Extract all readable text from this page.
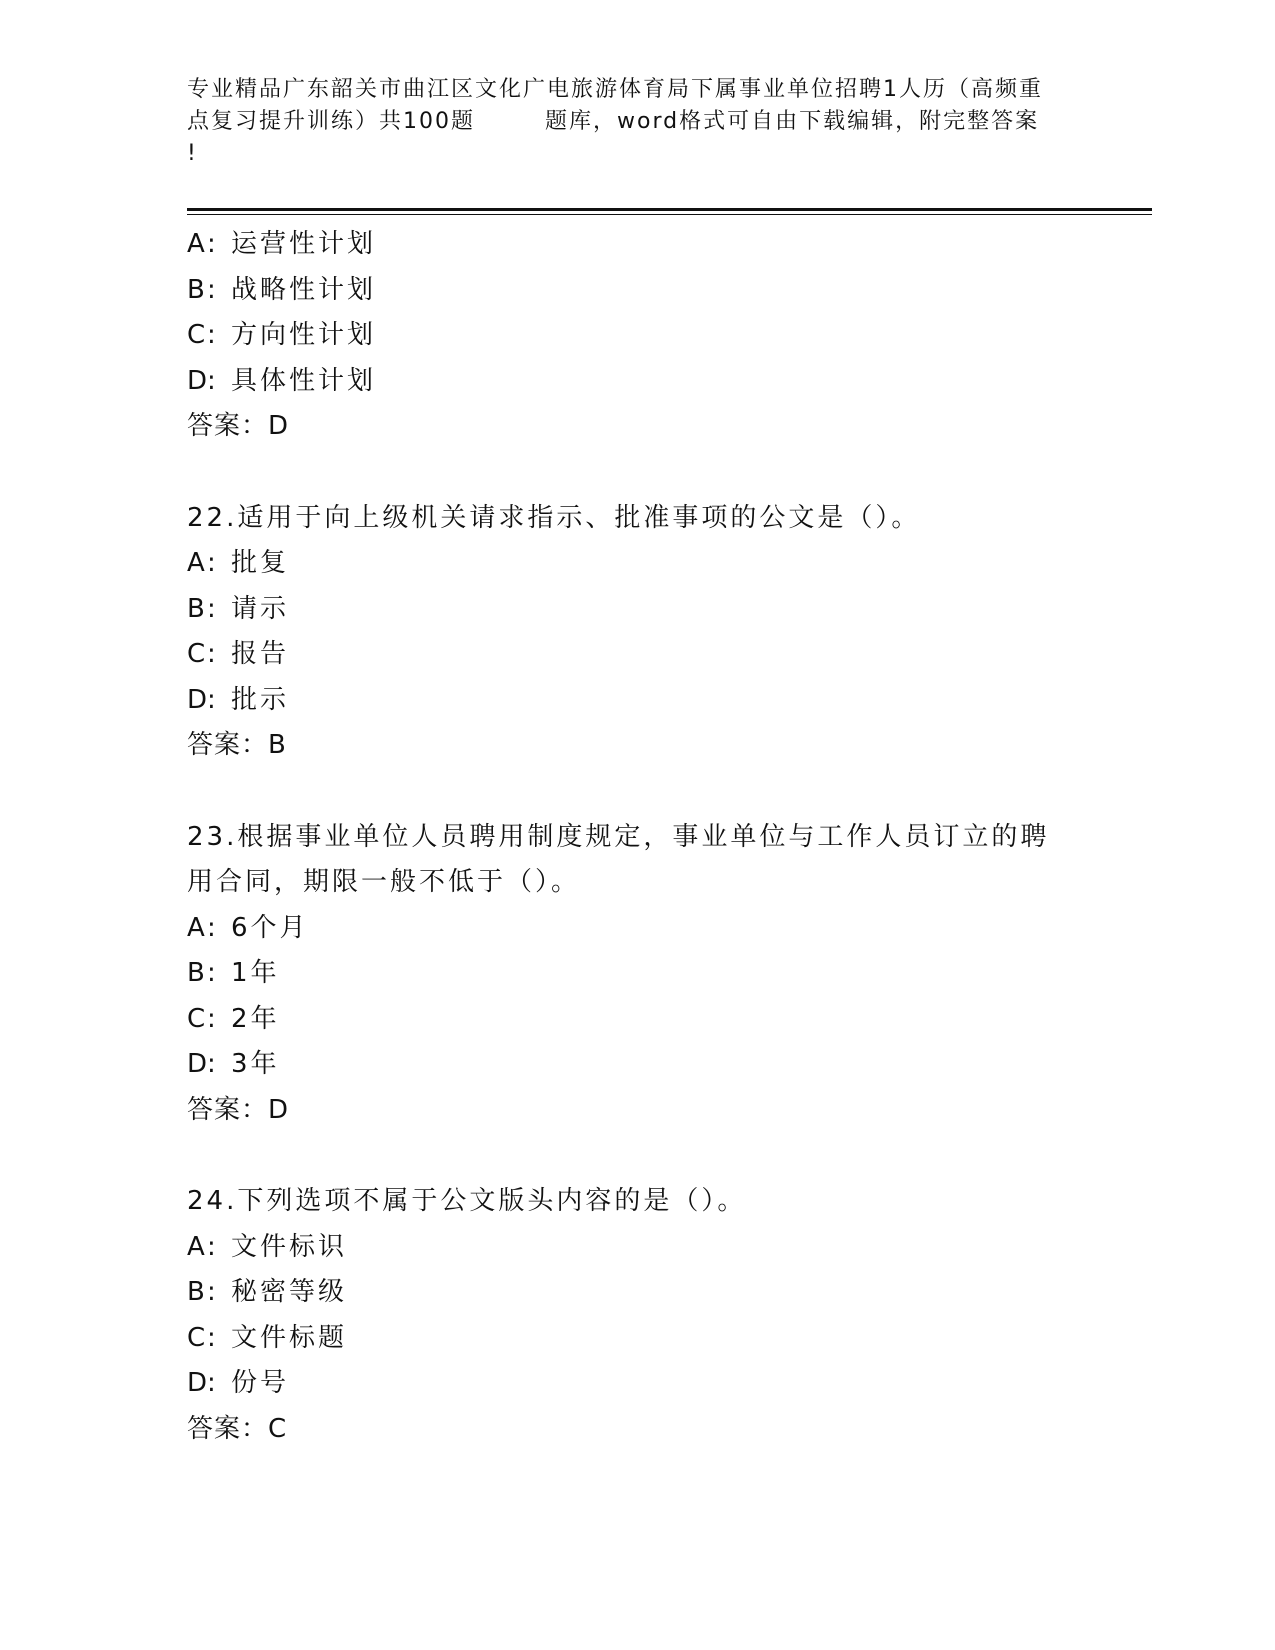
专业精品广东韶关市曲江区文化广电旅游体育局下属事业单位招聘1人历（高频重
点复习提升训练）共100题	题库，word格式可自由下载编辑，附完整答案
!
A: 运营性计划
B: 战略性计划
C: 方向性计划
D: 具体性计划
答案：D
22.适用于向上级机关请求指示、批准事项的公文是（）。
A: 批复
B: 请示
C: 报告
D: 批示
答案：B
23.根据事业单位人员聘用制度规定，事业单位与工作人员订立的聘用合同，期限一般不低于（）。
A: 6个月
B: 1年
C: 2年
D: 3年
答案：D
24.下列选项不属于公文版头内容的是（）。
A: 文件标识
B: 秘密等级
C: 文件标题
D: 份号
答案：C
